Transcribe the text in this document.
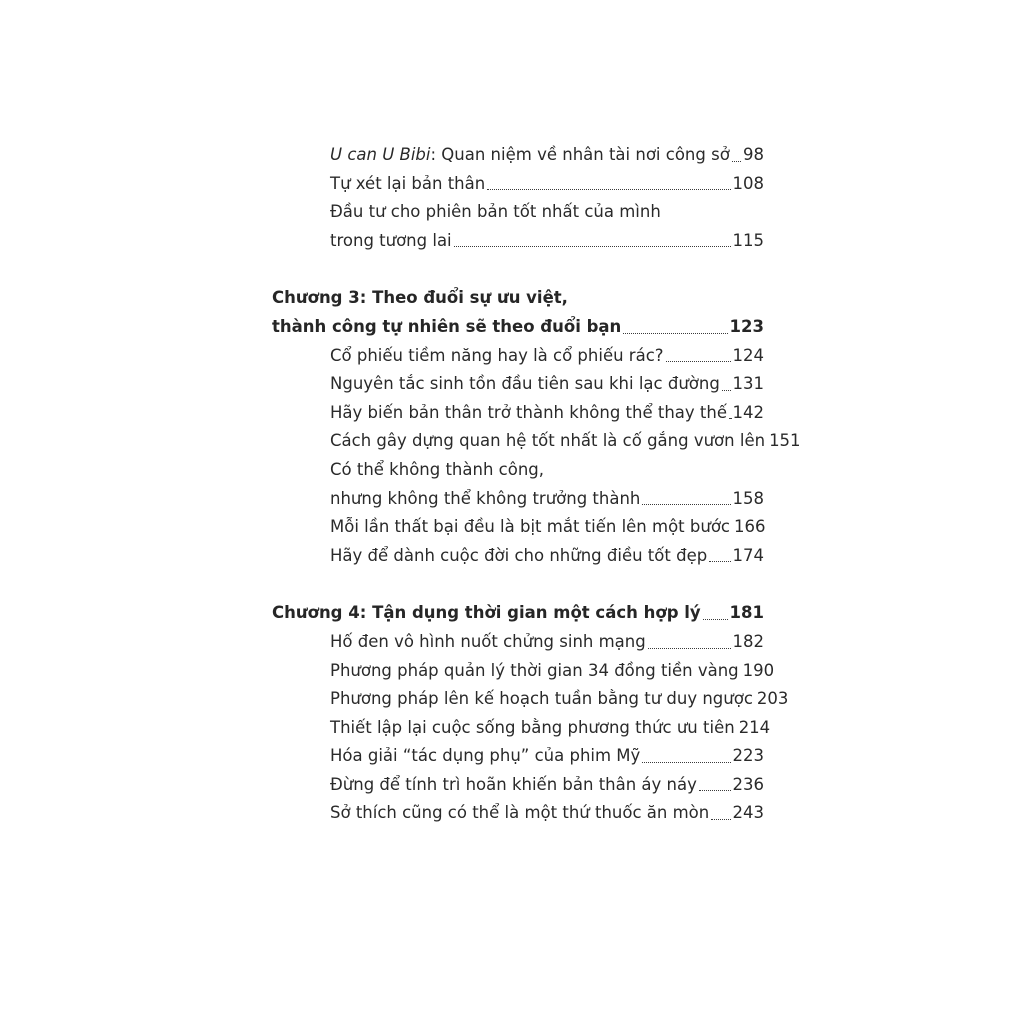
U can U Bibi: Quan niệm về nhân tài nơi công sở 98
Tự xét lại bản thân	108
Đầu tư cho phiên bản tốt nhất của mình
trong tương lai	115
Chương 3: Theo đuổi sự ưu việt,
thành công tự nhiên sẽ theo đuổi bạn	123
Cổ phiếu tiềm năng hay là cổ phiếu rác?	124
Nguyên tắc sinh tồn đầu tiên sau khi lạc đường 131
Hãy biến bản thân trở thành không thể thay thế 142
Cách gây dựng quan hệ tốt nhất là cố gắng vươn lên 151
Có thể không thành công,
nhưng không thể không trưởng thành	158
Mỗi lần thất bại đều là bịt mắt tiến lên một bước 166
Hãy để dành cuộc đời cho những điều tốt đẹp 174
Chương 4: Tận dụng thời gian một cách hợp lý 181
Hố đen vô hình nuốt chửng sinh mạng	182
Phương pháp quản lý thời gian 34 đồng tiền vàng 190
Phương pháp lên kế hoạch tuần bằng tư duy ngược 203
Thiết lập lại cuộc sống bằng phương thức ưu tiên 214
Hóa giải “tác dụng phụ” của phim Mỹ	223
Đừng để tính trì hoãn khiến bản thân áy náy 236
Sở thích cũng có thể là một thứ thuốc ăn mòn 243
